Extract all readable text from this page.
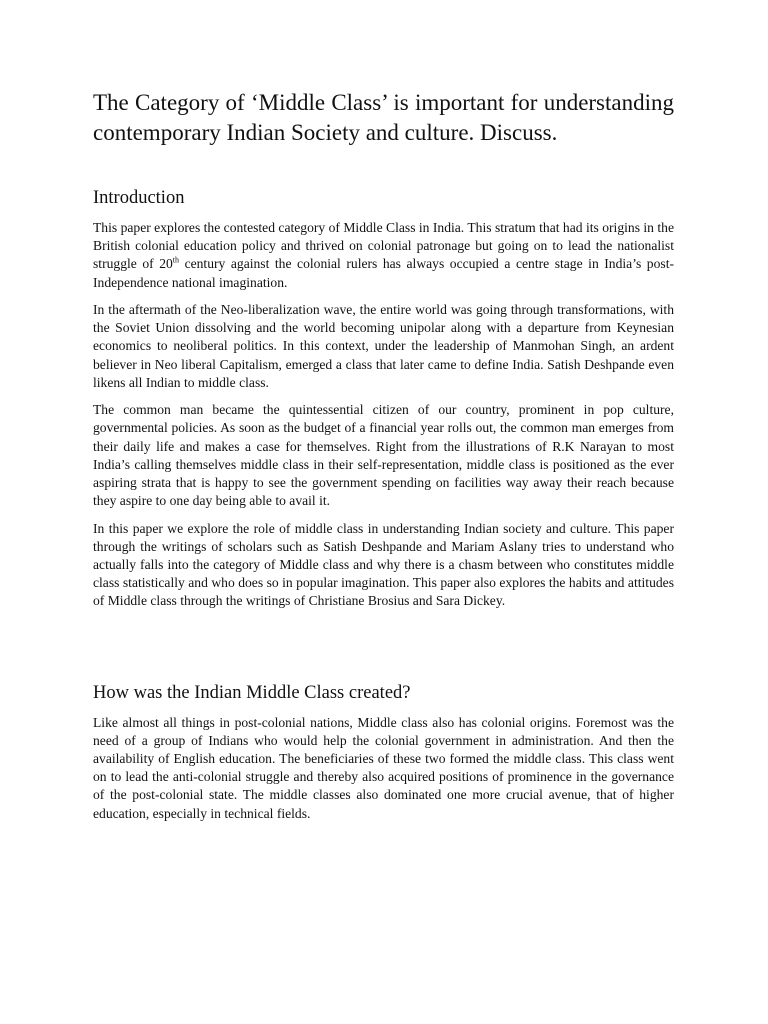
The Category of ‘Middle Class’ is important for understanding contemporary Indian Society and culture. Discuss.
Introduction

This paper explores the contested category of Middle Class in India. This stratum that had its origins in the British colonial education policy and thrived on colonial patronage but going on to lead the nationalist struggle of 20th century against the colonial rulers has always occupied a centre stage in India’s post-Independence national imagination.

In the aftermath of the Neo-liberalization wave, the entire world was going through transformations, with the Soviet Union dissolving and the world becoming unipolar along with a departure from Keynesian economics to neoliberal politics. In this context, under the leadership of Manmohan Singh, an ardent believer in Neo liberal Capitalism, emerged a class that later came to define India. Satish Deshpande even likens all Indian to middle class.

The common man became the quintessential citizen of our country, prominent in pop culture, governmental policies. As soon as the budget of a financial year rolls out, the common man emerges from their daily life and makes a case for themselves. Right from the illustrations of R.K Narayan to most India’s calling themselves middle class in their self-representation, middle class is positioned as the ever aspiring strata that is happy to see the government spending on facilities way away their reach because they aspire to one day being able to avail it.

In this paper we explore the role of middle class in understanding Indian society and culture. This paper through the writings of scholars such as Satish Deshpande and Mariam Aslany tries to understand who actually falls into the category of Middle class and why there is a chasm between who constitutes middle class statistically and who does so in popular imagination. This paper also explores the habits and attitudes of Middle class through the writings of Christiane Brosius and Sara Dickey.

How was the Indian Middle Class created?

Like almost all things in post-colonial nations, Middle class also has colonial origins. Foremost was the need of a group of Indians who would help the colonial government in administration. And then the availability of English education. The beneficiaries of these two formed the middle class. This class went on to lead the anti-colonial struggle and thereby also acquired positions of prominence in the governance of the post-colonial state. The middle classes also dominated one more crucial avenue, that of higher education, especially in technical fields.
